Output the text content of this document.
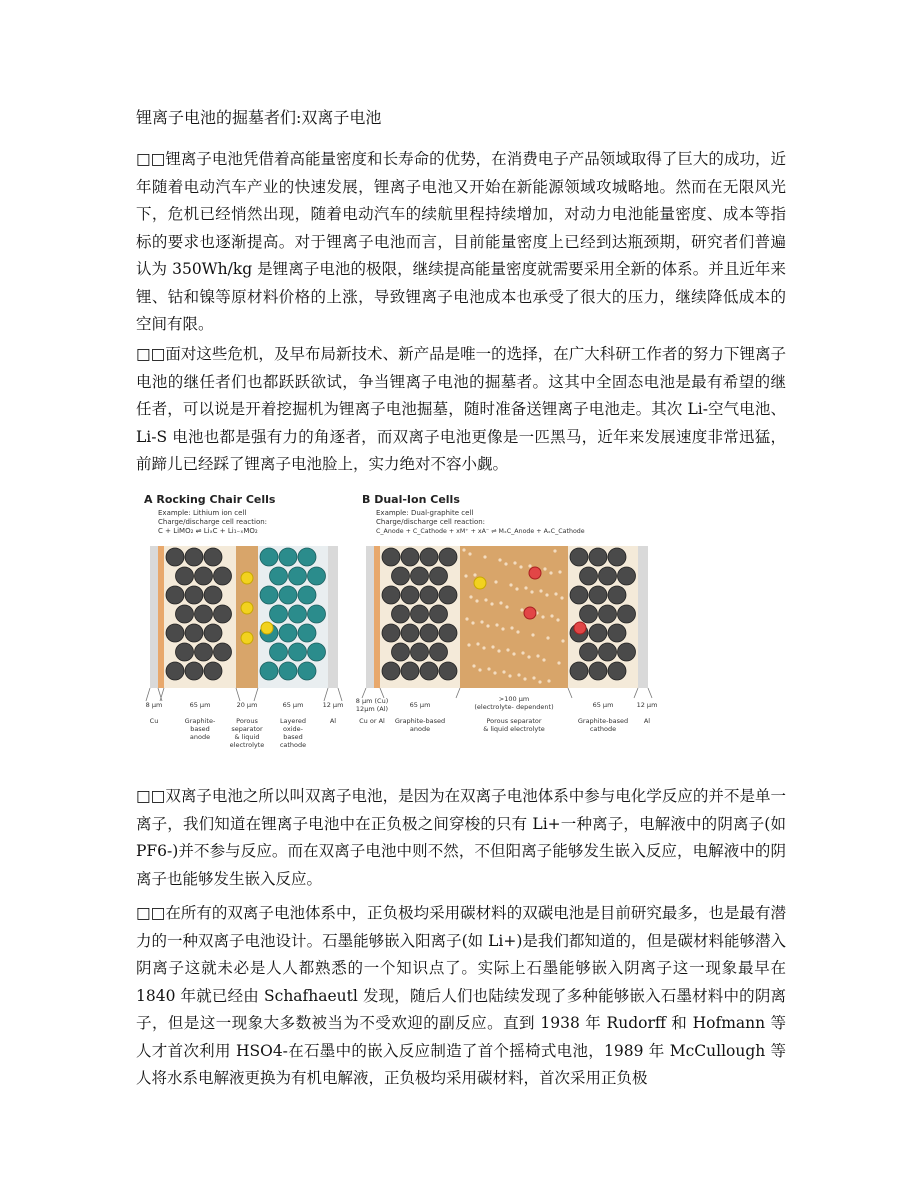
锂离子电池的掘墓者们:双离子电池

□□锂离子电池凭借着高能量密度和长寿命的优势，在消费电子产品领域取得了巨大的成功，近年随着电动汽车产业的快速发展，锂离子电池又开始在新能源领域攻城略地。然而在无限风光下，危机已经悄然出现，随着电动汽车的续航里程持续增加，对动力电池能量密度、成本等指标的要求也逐渐提高。对于锂离子电池而言，目前能量密度上已经到达瓶颈期，研究者们普遍认为 350Wh/kg 是锂离子电池的极限，继续提高能量密度就需要采用全新的体系。并且近年来锂、钴和镍等原材料价格的上涨，导致锂离子电池成本也承受了很大的压力，继续降低成本的空间有限。

□□面对这些危机，及早布局新技术、新产品是唯一的选择，在广大科研工作者的努力下锂离子电池的继任者们也都跃跃欲试，争当锂离子电池的掘墓者。这其中全固态电池是最有希望的继任者，可以说是开着挖掘机为锂离子电池掘墓，随时准备送锂离子电池走。其次 Li-空气电池、Li-S 电池也都是强有力的角逐者，而双离子电池更像是一匹黑马，近年来发展速度非常迅猛，前蹄儿已经踩了锂离子电池脸上，实力绝对不容小觑。

A Rocking Chair Cells
Example: Lithium ion cell
Charge/discharge cell reaction:
C + LiMO₂ ⇌ LiₓC + Li₁₋ₓMO₂
8 µm
Cu
65 µm
Graphite-
based
anode
20 µm
Porous
separator
& liquid
electrolyte
65 µm
Layered
oxide-
based
cathode
12 µm
Al
B Dual-Ion Cells
Example: Dual-graphite cell
Charge/discharge cell reaction:
C_Anode + C_Cathode + xM⁺ + xA⁻ ⇌ MₓC_Anode + AₓC_Cathode
8 µm (Cu)
12µm (Al)
Cu or Al
65 µm
Graphite-based
anode
>100 µm
(electrolyte- dependent)
Porous separator
& liquid electrolyte
65 µm
Graphite-based
cathode
12 µm
Al

□□双离子电池之所以叫双离子电池，是因为在双离子电池体系中参与电化学反应的并不是单一离子，我们知道在锂离子电池中在正负极之间穿梭的只有 Li+一种离子，电解液中的阴离子(如 PF6-)并不参与反应。而在双离子电池中则不然，不但阳离子能够发生嵌入反应，电解液中的阴离子也能够发生嵌入反应。

□□在所有的双离子电池体系中，正负极均采用碳材料的双碳电池是目前研究最多，也是最有潜力的一种双离子电池设计。石墨能够嵌入阳离子(如 Li+)是我们都知道的，但是碳材料能够潜入阴离子这就未必是人人都熟悉的一个知识点了。实际上石墨能够嵌入阴离子这一现象最早在 1840 年就已经由 Schafhaeutl 发现，随后人们也陆续发现了多种能够嵌入石墨材料中的阴离子，但是这一现象大多数被当为不受欢迎的副反应。直到 1938 年 Rudorff 和 Hofmann 等人才首次利用 HSO4-在石墨中的嵌入反应制造了首个摇椅式电池，1989 年 McCullough 等人将水系电解液更换为有机电解液，正负极均采用碳材料，首次采用正负极
